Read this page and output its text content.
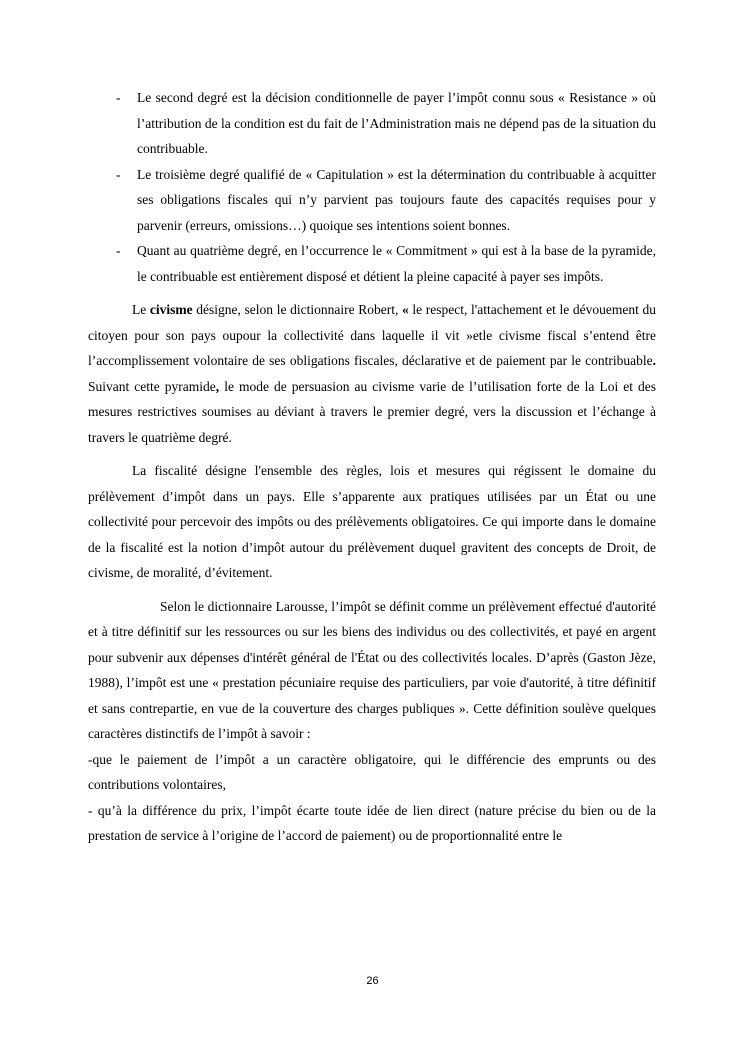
- Le second degré est la décision conditionnelle de payer l’impôt connu sous « Resistance » où l’attribution de la condition est du fait de l’Administration mais ne dépend pas de la situation du contribuable.
- Le troisième degré qualifié de « Capitulation » est la détermination du contribuable à acquitter ses obligations fiscales qui n’y parvient pas toujours faute des capacités requises pour y parvenir (erreurs, omissions…) quoique ses intentions soient bonnes.
- Quant au quatrième degré, en l’occurrence le « Commitment » qui est à la base de la pyramide, le contribuable est entièrement disposé et détient la pleine capacité à payer ses impôts.

Le civisme désigne, selon le dictionnaire Robert, « le respect, l'attachement et le dévouement du citoyen pour son pays oupour la collectivité dans laquelle il vit »etle civisme fiscal s’entend être l’accomplissement volontaire de ses obligations fiscales, déclarative et de paiement par le contribuable. Suivant cette pyramide, le mode de persuasion au civisme varie de l’utilisation forte de la Loi et des mesures restrictives soumises au déviant à travers le premier degré, vers la discussion et l’échange à travers le quatrième degré.

La fiscalité désigne l'ensemble des règles, lois et mesures qui régissent le domaine du prélèvement d’impôt dans un pays. Elle s’apparente aux pratiques utilisées par un État ou une collectivité pour percevoir des impôts ou des prélèvements obligatoires. Ce qui importe dans le domaine de la fiscalité est la notion d’impôt autour du prélèvement duquel gravitent des concepts de Droit, de civisme, de moralité, d’évitement.

Selon le dictionnaire Larousse, l’impôt se définit comme un prélèvement effectué d'autorité et à titre définitif sur les ressources ou sur les biens des individus ou des collectivités, et payé en argent pour subvenir aux dépenses d'intérêt général de l'État ou des collectivités locales. D’après (Gaston Jèze, 1988), l’impôt est une « prestation pécuniaire requise des particuliers, par voie d'autorité, à titre définitif et sans contrepartie, en vue de la couverture des charges publiques ». Cette définition soulève quelques caractères distinctifs de l’impôt à savoir :

-que le paiement de l’impôt a un caractère obligatoire, qui le différencie des emprunts ou des contributions volontaires,

- qu’à la différence du prix, l’impôt écarte toute idée de lien direct (nature précise du bien ou de la prestation de service à l’origine de l’accord de paiement) ou de proportionnalité entre le

26
